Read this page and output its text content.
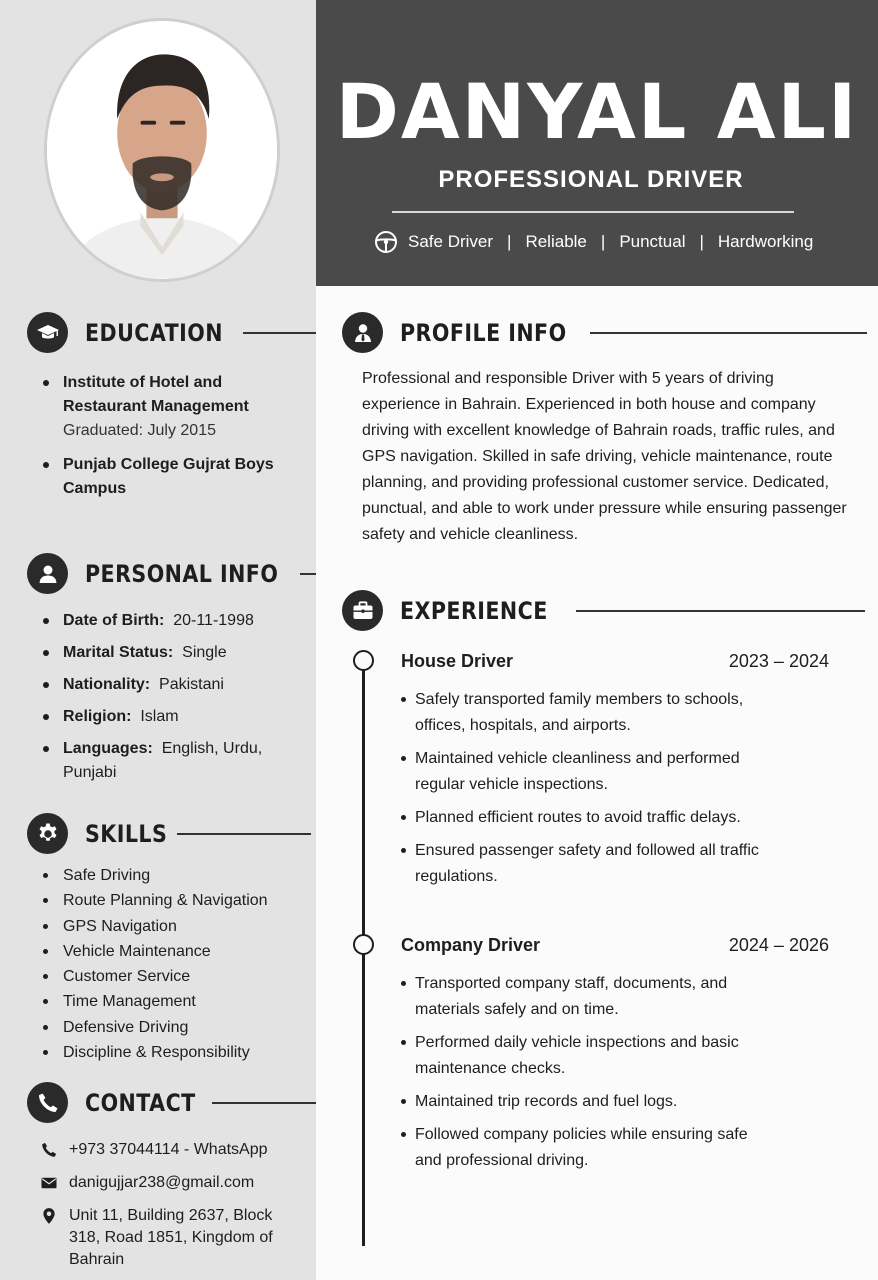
EDUCATION
Institute of Hotel and Restaurant Management
Graduated: July 2015
Punjab College Gujrat Boys Campus
PERSONAL INFO
Date of Birth: 20-11-1998
Marital Status: Single
Nationality: Pakistani
Religion: Islam
Languages: English, Urdu, Punjabi
SKILLS
Safe Driving
Route Planning & Navigation
GPS Navigation
Vehicle Maintenance
Customer Service
Time Management
Defensive Driving
Discipline & Responsibility
CONTACT
+973 37044114 - WhatsApp
danigujjar238@gmail.com
Unit 11, Building 2637, Block 318, Road 1851, Kingdom of Bahrain
DANYAL ALI
PROFESSIONAL DRIVER
Safe Driver | Reliable | Punctual | Hardworking
PROFILE INFO

Professional and responsible Driver with 5 years of driving experience in Bahrain. Experienced in both house and company driving with excellent knowledge of Bahrain roads, traffic rules, and GPS navigation. Skilled in safe driving, vehicle maintenance, route planning, and providing professional customer service. Dedicated, punctual, and able to work under pressure while ensuring passenger safety and vehicle cleanliness.

EXPERIENCE
House Driver	2023 – 2024
Safely transported family members to schools, offices, hospitals, and airports.
Maintained vehicle cleanliness and performed regular vehicle inspections.
Planned efficient routes to avoid traffic delays.
Ensured passenger safety and followed all traffic regulations.
Company Driver	2024 – 2026
Transported company staff, documents, and materials safely and on time.
Performed daily vehicle inspections and basic maintenance checks.
Maintained trip records and fuel logs.
Followed company policies while ensuring safe and professional driving.
